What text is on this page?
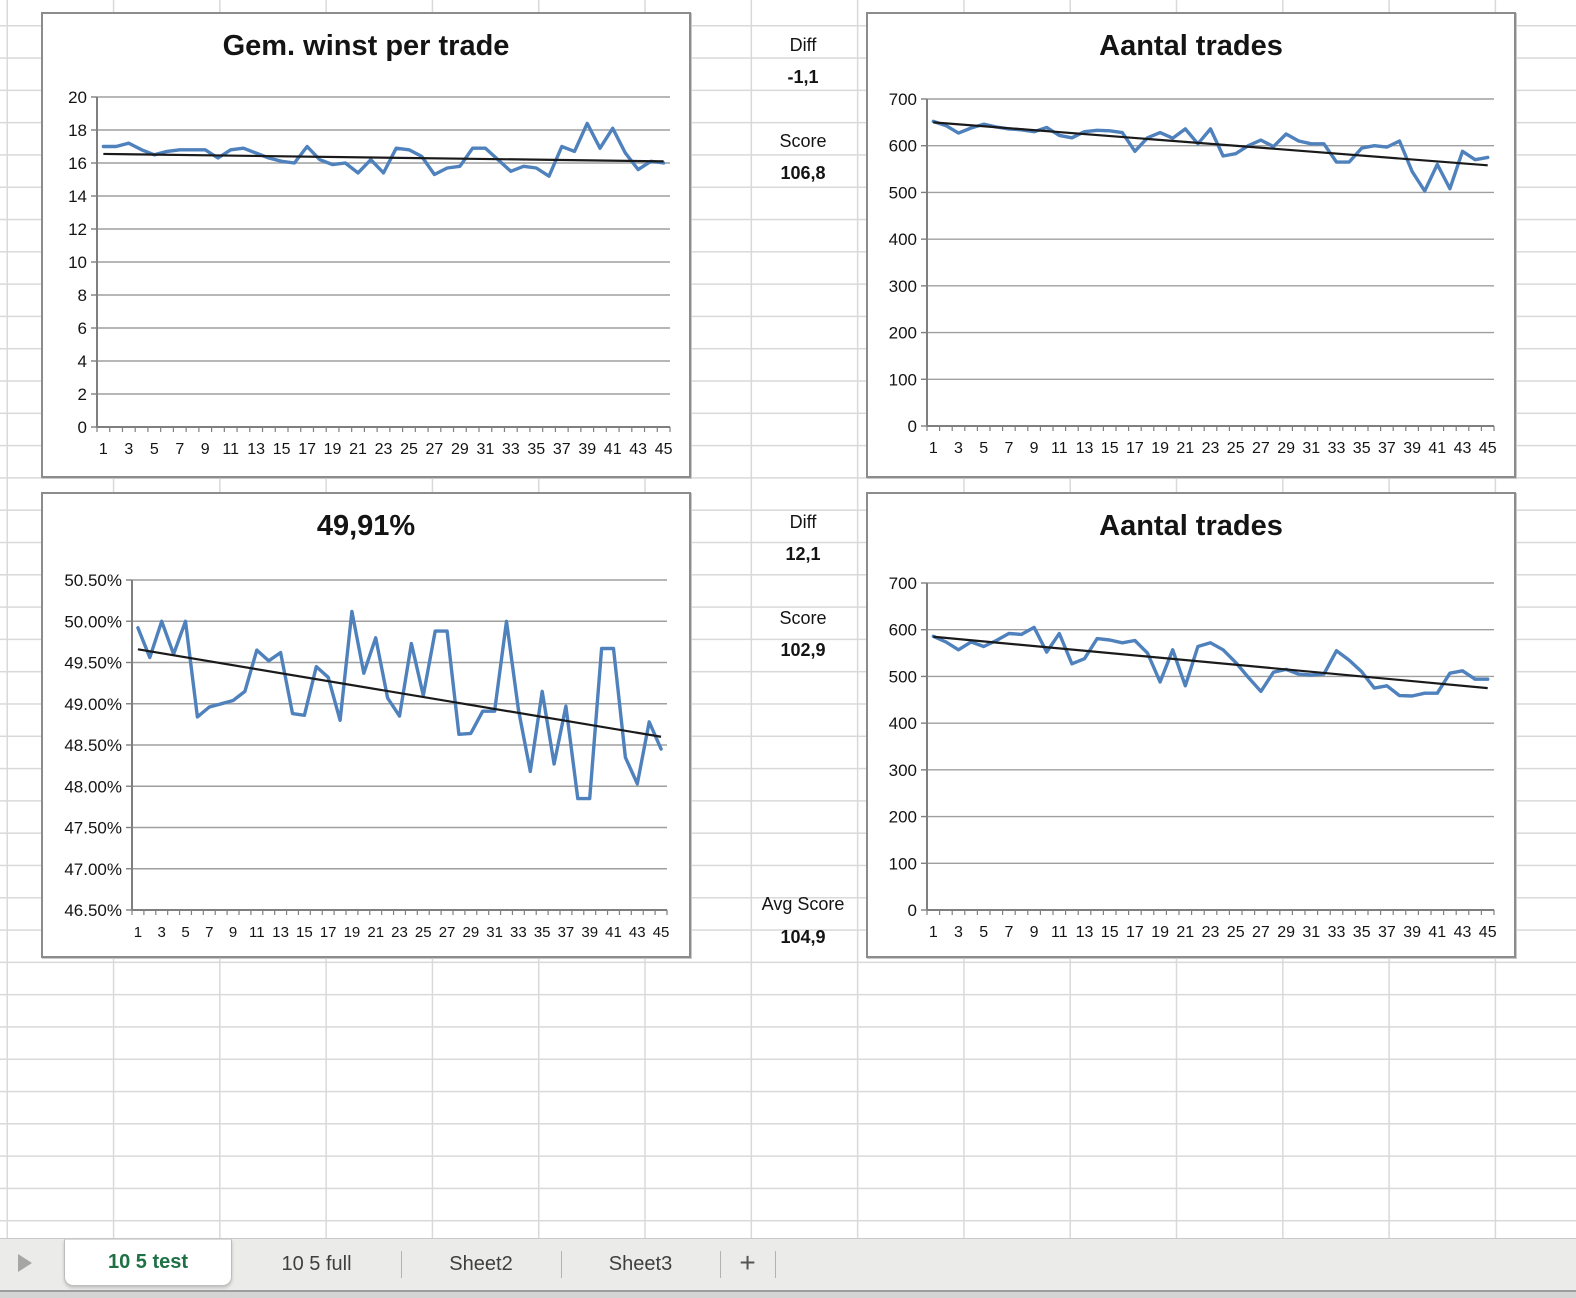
Gem. winst per trade
20
18
16
14
12
10
8
6
4
2
0
1 3 5 7 9 11 13 15 17 19 21 23 25 27 29 31 33 35 37 39 41 43 45
Aantal trades
700
600
500
400
300
200
100
0
1 3 5 7 9 11 13 15 17 19 21 23 25 27 29 31 33 35 37 39 41 43 45
49,91%
50.50%
50.00%
49.50%
49.00%
48.50%
48.00%
47.50%
47.00%
46.50%
1 3 5 7 9 11 13 15 17 19 21 23 25 27 29 31 33 35 37 39 41 43 45
Aantal trades
700
600
500
400
300
200
100
0
1 3 5 7 9 11 13 15 17 19 21 23 25 27 29 31 33 35 37 39 41 43 45
Diff
-1,1
Score
106,8
Diff
12,1
Score
102,9
Avg Score
104,9
10 5 test	10 5 full	Sheet2	Sheet3	+
